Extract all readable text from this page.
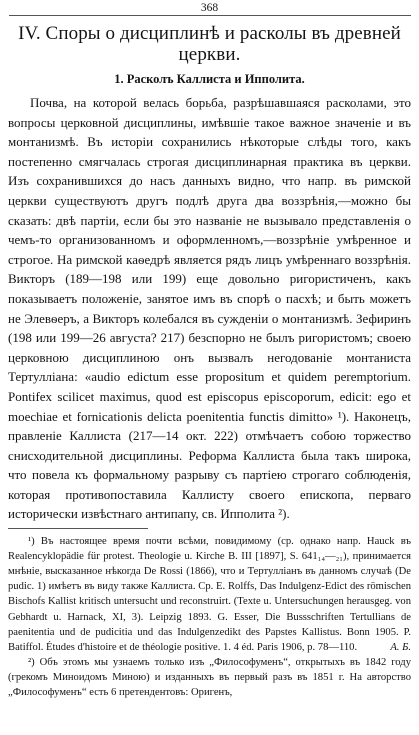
368
IV. Споры о дисциплинѣ и расколы въ древней церкви.
1. Расколъ Каллиста и Ипполита.

Почва, на которой велась борьба, разрѣшавшаяся расколами, это вопросы церковной дисциплины, имѣвшіе такое важное значеніе и въ монтанизмѣ. Въ исторіи сохранились нѣкоторые слѣды того, какъ постепенно смягчалась строгая дисциплинарная практика въ церкви. Изъ сохранившихся до насъ данныхъ видно, что напр. въ римской церкви существуютъ другъ подлѣ друга два воззрѣнія,—можно бы сказать: двѣ партіи, если бы это названіе не вызывало представленія о чемъ-то организованномъ и оформленномъ,—воззрѣніе умѣренное и строгое. На римской каѳедрѣ является рядъ лицъ умѣреннаго воззрѣнія. Викторъ (189—198 или 199) еще довольно ригористиченъ, какъ показываетъ положеніе, занятое имъ въ спорѣ о пасхѣ; и быть можетъ не Элевѳеръ, а Викторъ колебался въ сужденіи о монтанизмѣ. Зефиринъ (198 или 199—26 августа? 217) безспорно не былъ ригористомъ; своею церковною дисциплиною онъ вызвалъ негодованіе монтаниста Тертулліана: «audio edictum esse propositum et quidem peremptorium. Pontifex scilicet maximus, quod est episcopus episcoporum, edicit: ego et moechiae et fornicationis delicta poenitentia functis dimitto» ¹). Наконецъ, правленіе Каллиста (217—14 окт. 222) отмѣчаетъ собою торжество снисходительной дисциплины. Реформа Каллиста была такъ широка, что повела къ формальному разрыву съ партіею строгаго соблюденія, которая противопоставила Каллисту своего епископа, перваго исторически извѣстнаго антипапу, св. Ипполита ²).

¹) Въ настоящее время почти всѣми, повидимому (ср. однако напр. Hauck въ Realencyklopädie für protest. Theologie u. Kirche B. III [1897], S. 641₁₄—₂₁), принимается мнѣніе, высказанное нѣкогда De Rossi (1866), что и Тертулліанъ въ данномъ случаѣ (De pudic. 1) имѣетъ въ виду также Каллиста. Ср. E. Rolffs, Das Indulgenz-Edict des römischen Bischofs Kallist kritisch untersucht und reconstruirt. (Texte u. Untersuchungen herausgeg. von Gebhardt u. Harnack, XI, 3). Leipzig 1893. G. Esser, Die Bussschriften Tertullians de paenitentia und de pudicitia und das Indulgenzedikt des Papstes Kallistus. Bonn 1905. P. Batiffol. Études d'histoire et de théologie positive. 1. 4 éd. Paris 1906, p. 78—110.	А. Б.

²) Объ этомъ мы узнаемъ только изъ „Философуменъ“, открытыхъ въ 1842 году (грекомъ Миноидомъ Миною) и изданныхъ въ первый разъ въ 1851 г. На авторство „Философуменъ“ есть 6 претендентовъ: Оригенъ,
